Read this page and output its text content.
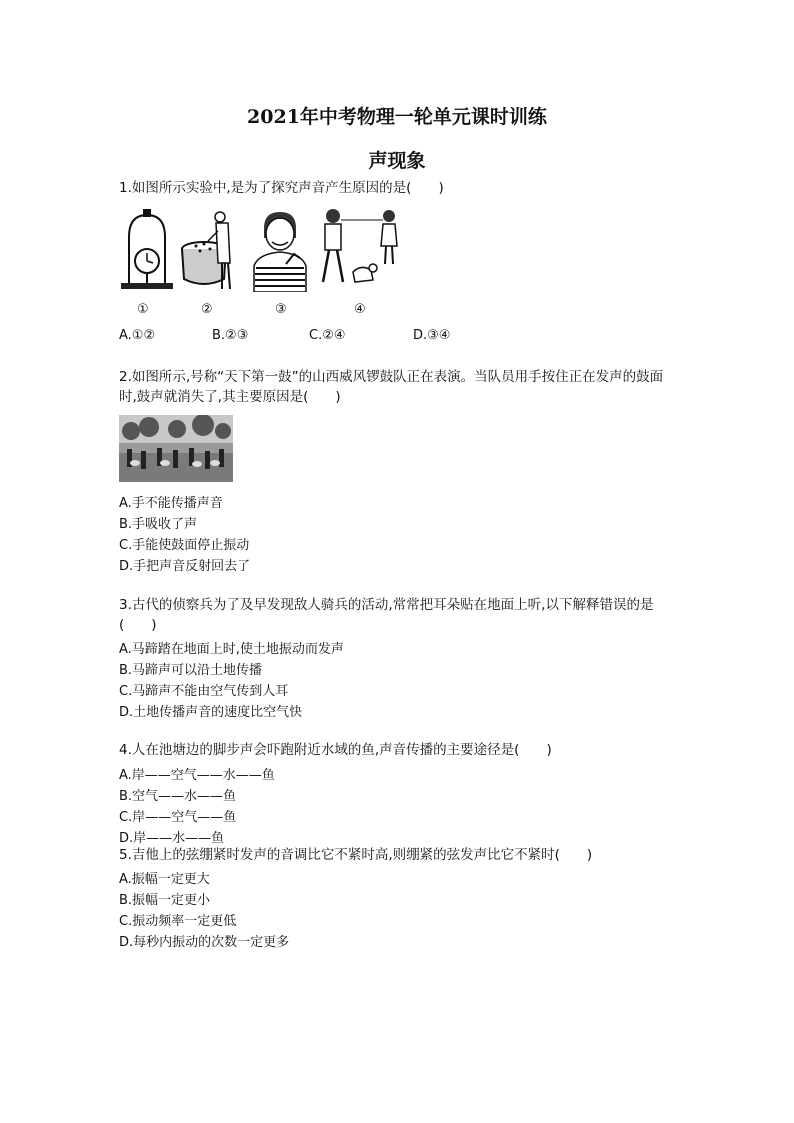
2021年中考物理一轮单元课时训练
声现象
1.如图所示实验中,是为了探究声音产生原因的是(　　)
①	②	③	④
A.①②	B.②③	C.②④	D.③④
2.如图所示,号称“天下第一鼓”的山西威风锣鼓队正在表演。当队员用手按住正在发声的鼓面
时,鼓声就消失了,其主要原因是(　　)
A.手不能传播声音
B.手吸收了声
C.手能使鼓面停止振动
D.手把声音反射回去了
3.古代的侦察兵为了及早发现敌人骑兵的活动,常常把耳朵贴在地面上听,以下解释错误的是
(　　)
A.马蹄踏在地面上时,使土地振动而发声
B.马蹄声可以沿土地传播
C.马蹄声不能由空气传到人耳
D.土地传播声音的速度比空气快
4.人在池塘边的脚步声会吓跑附近水域的鱼,声音传播的主要途径是(　　)
A.岸——空气——水——鱼
B.空气——水——鱼
C.岸——空气——鱼
D.岸——水——鱼
5.吉他上的弦绷紧时发声的音调比它不紧时高,则绷紧的弦发声比它不紧时(　　)
A.振幅一定更大
B.振幅一定更小
C.振动频率一定更低
D.每秒内振动的次数一定更多
